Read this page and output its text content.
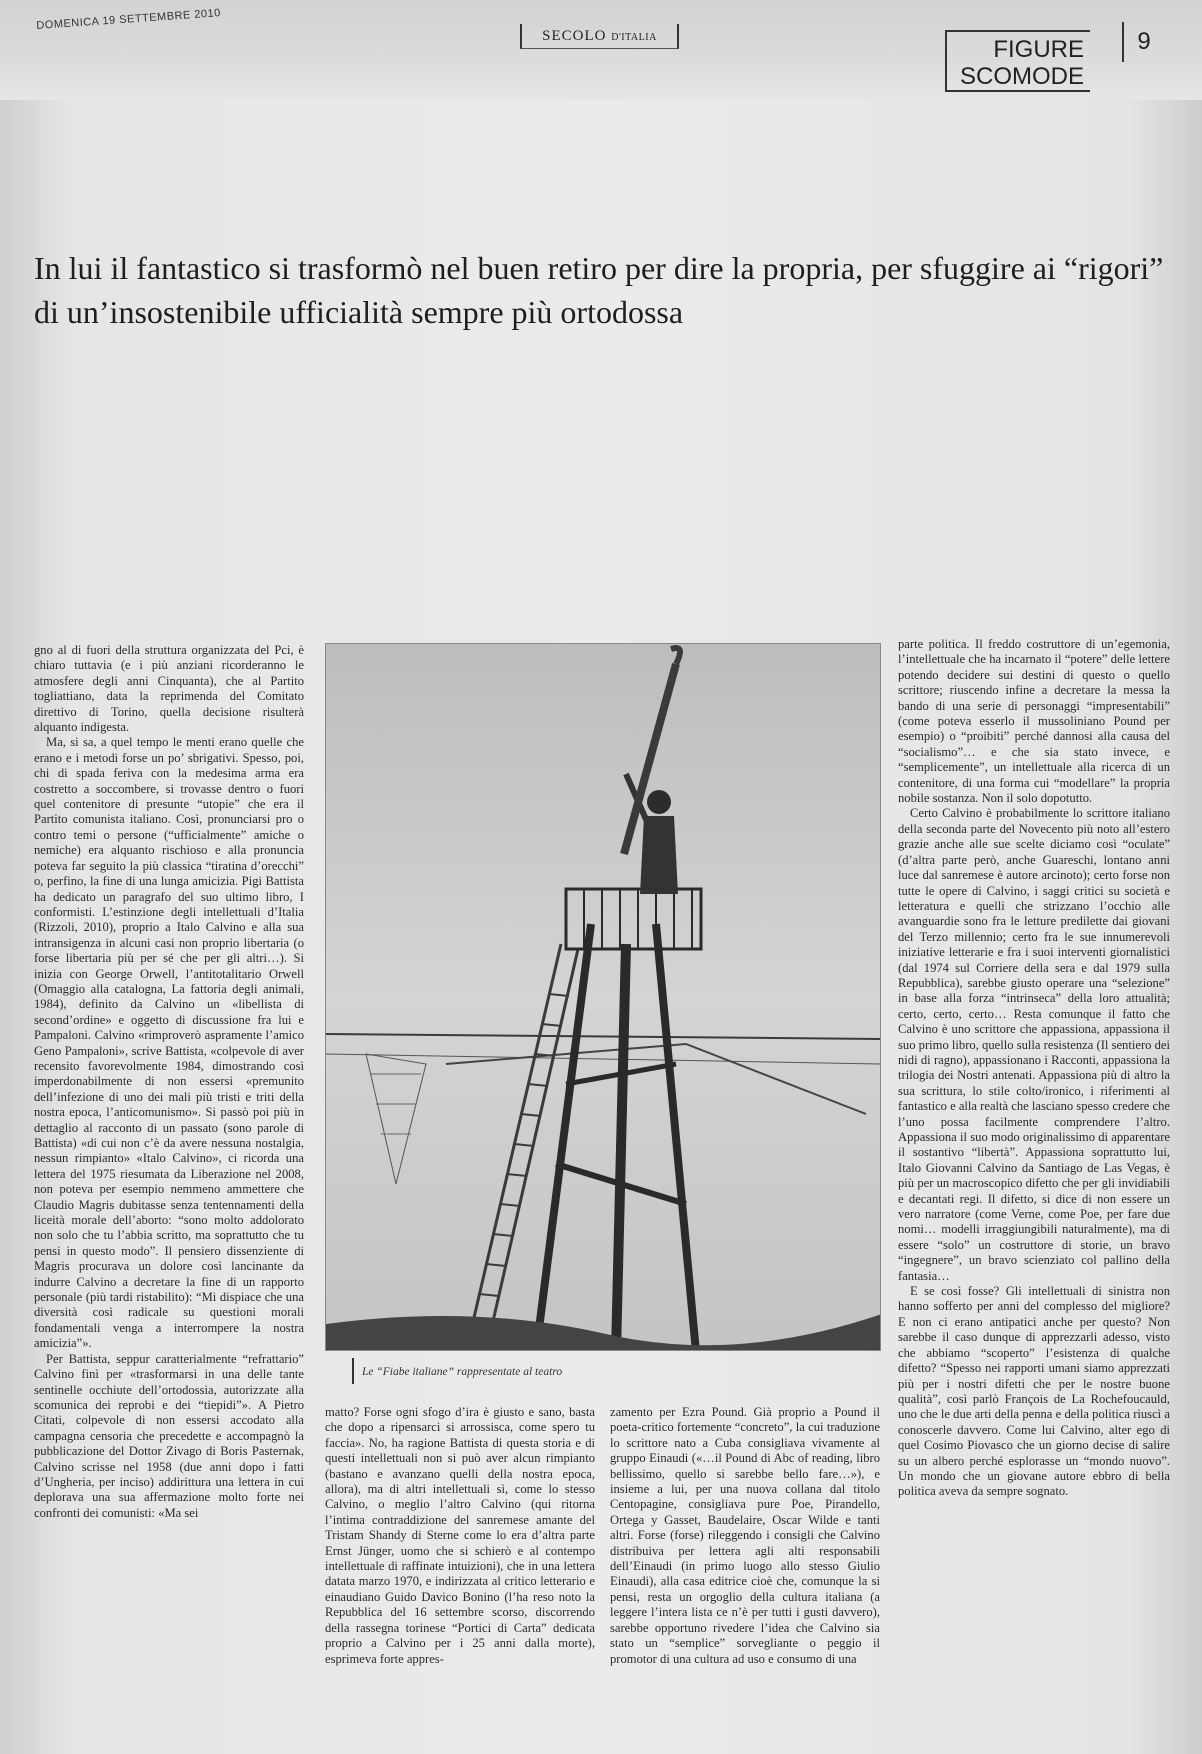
DOMENICA 19 SETTEMBRE 2010
SECOLO D'ITALIA	FIGURE
SCOMODE
9
In lui il fantastico si trasformò nel buen retiro per dire la propria, per sfuggire ai “rigori” di un’insostenibile ufficialità sempre più ortodossa

gno al di fuori della struttura organizzata del Pci, è chiaro tuttavia (e i più anziani ricorderanno le atmosfere degli anni Cinquanta), che al Partito togliattiano, data la reprimenda del Comitato direttivo di Torino, quella decisione risulterà alquanto indigesta.

Ma, si sa, a quel tempo le menti erano quelle che erano e i metodi forse un po’ sbrigativi. Spesso, poi, chi di spada feriva con la medesima arma era costretto a soccombere, si trovasse dentro o fuori quel contenitore di presunte “utopie” che era il Partito comunista italiano. Così, pronunciarsi pro o contro temi o persone (“ufficialmente” amiche o nemiche) era alquanto rischioso e alla pronuncia poteva far seguito la più classica “tiratina d’orecchi” o, perfino, la fine di una lunga amicizia. Pigi Battista ha dedicato un paragrafo del suo ultimo libro, I conformisti. L’estinzione degli intellettuali d’Italia (Rizzoli, 2010), proprio a Italo Calvino e alla sua intransigenza in alcuni casi non proprio libertaria (o forse libertaria più per sé che per gli altri…). Si inizia con George Orwell, l’antitotalitario Orwell (Omaggio alla catalogna, La fattoria degli animali, 1984), definito da Calvino un «libellista di second’ordine» e oggetto di discussione fra lui e Pampaloni. Calvino «rimproverò aspramente l’amico Geno Pampaloni», scrive Battista, «colpevole di aver recensito favorevolmente 1984, dimostrando così imperdonabilmente di non essersi «premunito dell’infezione di uno dei mali più tristi e triti della nostra epoca, l’anticomunismo». Si passò poi più in dettaglio al racconto di un passato (sono parole di Battista) «di cui non c’è da avere nessuna nostalgia, nessun rimpianto» «Italo Calvino», ci ricorda una lettera del 1975 riesumata da Liberazione nel 2008, non poteva per esempio nemmeno ammettere che Claudio Magris dubitasse senza tentennamenti della liceità morale dell’aborto: “sono molto addolorato non solo che tu l’abbia scritto, ma soprattutto che tu pensi in questo modo”. Il pensiero dissenziente di Magris procurava un dolore così lancinante da indurre Calvino a decretare la fine di un rapporto personale (più tardi ristabilito): “Mi dispiace che una diversità così radicale su questioni morali fondamentali venga a interrompere la nostra amicizia”».

Per Battista, seppur caratterialmente “refrattario” Calvino finì per «trasformarsi in una delle tante sentinelle occhiute dell’ortodossia, autorizzate alla scomunica dei reprobi e dei “tiepidi”». A Pietro Citati, colpevole di non essersi accodato alla campagna censoria che precedette e accompagnò la pubblicazione del Dottor Zivago di Boris Pasternak, Calvino scrisse nel 1958 (due anni dopo i fatti d’Ungheria, per inciso) addirittura una lettera in cui deplorava una sua affermazione molto forte nei confronti dei comunisti: «Ma sei

Le “Fiabe italiane” rappresentate al teatro

matto? Forse ogni sfogo d’ira è giusto e sano, basta che dopo a ripensarci si arrossisca, come spero tu faccia». No, ha ragione Battista di questa storia e di questi intellettuali non si può aver alcun rimpianto (bastano e avanzano quelli della nostra epoca, allora), ma di altri intellettuali sì, come lo stesso Calvino, o meglio l’altro Calvino (qui ritorna l’intima contraddizione del sanremese amante del Tristam Shandy di Sterne come lo era d’altra parte Ernst Jünger, uomo che si schierò e al contempo intellettuale di raffinate intuizioni), che in una lettera datata marzo 1970, e indirizzata al critico letterario e einaudiano Guido Davico Bonino (l’ha reso noto la Repubblica del 16 settembre scorso, discorrendo della rassegna torinese “Portici di Carta” dedicata proprio a Calvino per i 25 anni dalla morte), esprimeva forte appres-

zamento per Ezra Pound. Già proprio a Pound il poeta-critico fortemente “concreto”, la cui traduzione lo scrittore nato a Cuba consigliava vivamente al gruppo Einaudi («…il Pound di Abc of reading, libro bellissimo, quello si sarebbe bello fare…»), e insieme a lui, per una nuova collana dal titolo Centopagine, consigliava pure Poe, Pirandello, Ortega y Gasset, Baudelaire, Oscar Wilde e tanti altri. Forse (forse) rileggendo i consigli che Calvino distribuiva per lettera agli alti responsabili dell’Einaudi (in primo luogo allo stesso Giulio Einaudi), alla casa editrice cioè che, comunque la si pensi, resta un orgoglio della cultura italiana (a leggere l’intera lista ce n’è per tutti i gusti davvero), sarebbe opportuno rivedere l’idea che Calvino sia stato un “semplice” sorvegliante o peggio il promotor di una cultura ad uso e consumo di una

parte politica. Il freddo costruttore di un’egemonia, l’intellettuale che ha incarnato il “potere” delle lettere potendo decidere sui destini di questo o quello scrittore; riuscendo infine a decretare la messa la bando di una serie di personaggi “impresentabili” (come poteva esserlo il mussoliniano Pound per esempio) o “proibiti” perché dannosi alla causa del “socialismo”… e che sia stato invece, e “semplicemente”, un intellettuale alla ricerca di un contenitore, di una forma cui “modellare” la propria nobile sostanza. Non il solo dopotutto.

Certo Calvino è probabilmente lo scrittore italiano della seconda parte del Novecento più noto all’estero grazie anche alle sue scelte diciamo così “oculate” (d’altra parte però, anche Guareschi, lontano anni luce dal sanremese è autore arcinoto); certo forse non tutte le opere di Calvino, i saggi critici su società e letteratura e quelli che strizzano l’occhio alle avanguardie sono fra le letture predilette dai giovani del Terzo millennio; certo fra le sue innumerevoli iniziative letterarie e fra i suoi interventi giornalistici (dal 1974 sul Corriere della sera e dal 1979 sulla Repubblica), sarebbe giusto operare una “selezione” in base alla forza “intrinseca” della loro attualità; certo, certo, certo… Resta comunque il fatto che Calvino è uno scrittore che appassiona, appassiona il suo primo libro, quello sulla resistenza (Il sentiero dei nidi di ragno), appassionano i Racconti, appassiona la trilogia dei Nostri antenati. Appassiona più di altro la sua scrittura, lo stile colto/ironico, i riferimenti al fantastico e alla realtà che lasciano spesso credere che l’uno possa facilmente comprendere l’altro. Appassiona il suo modo originalissimo di apparentare il sostantivo “libertà”. Appassiona soprattutto lui, Italo Giovanni Calvino da Santiago de Las Vegas, è più per un macroscopico difetto che per gli invidiabili e decantati regi. Il difetto, si dice di non essere un vero narratore (come Verne, come Poe, per fare due nomi… modelli irraggiungibili naturalmente), ma di essere “solo” un costruttore di storie, un bravo “ingegnere”, un bravo scienziato col pallino della fantasia…

E se così fosse? Gli intellettuali di sinistra non hanno sofferto per anni del complesso del migliore? E non ci erano antipatici anche per questo? Non sarebbe il caso dunque di apprezzarli adesso, visto che abbiamo “scoperto” l’esistenza di qualche difetto? “Spesso nei rapporti umani siamo apprezzati più per i nostri difetti che per le nostre buone qualità”, così parlò François de La Rochefoucauld, uno che le due arti della penna e della politica riuscì a conoscerle davvero. Come lui Calvino, alter ego di quel Cosimo Piovasco che un giorno decise di salire su un albero perché esplorasse un “mondo nuovo”. Un mondo che un giovane autore ebbro di bella politica aveva da sempre sognato.
